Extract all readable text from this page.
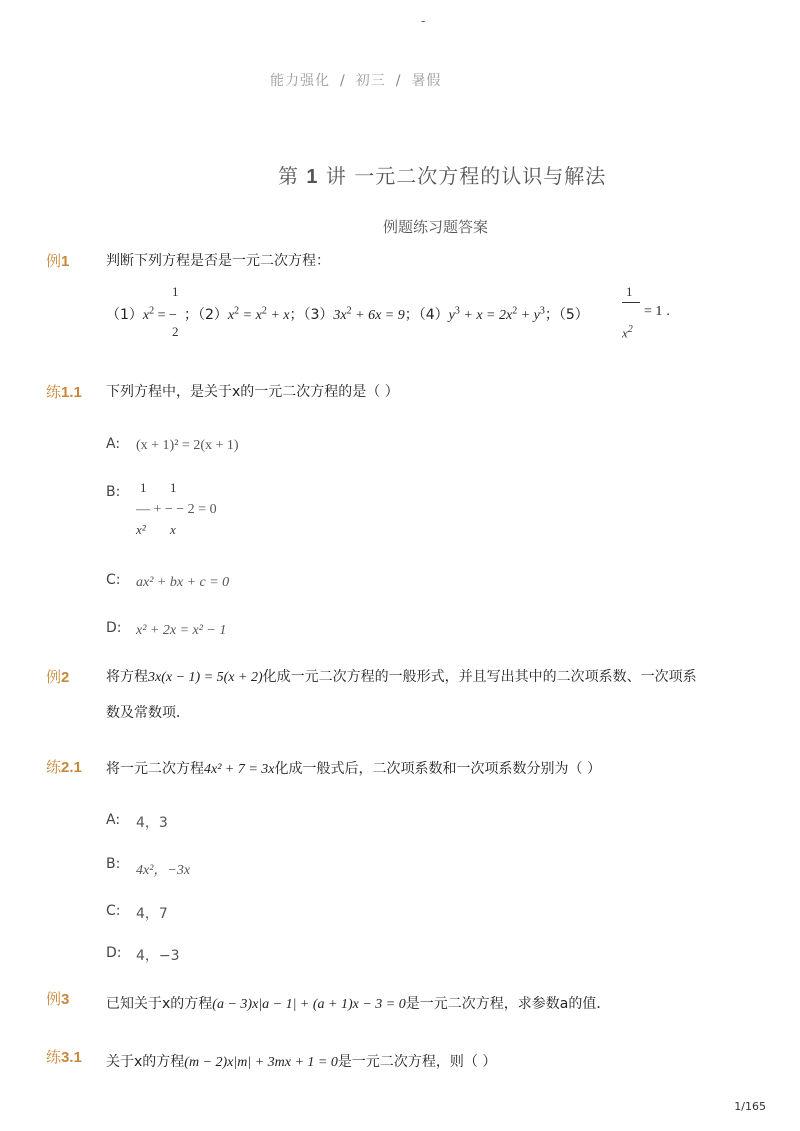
-
能力强化 / 初三 / 暑假
第 1 讲 一元二次方程的认识与解法
例题练习题答案
例1	判断下列方程是否是一元二次方程：
$(1)x^2$ = −
1
2
；$(2)x^2 = x^2 + x$；$(3)3x^2 + 6x = 9$；$(4)y^3 + x = 2x^2 + y^3$；（5）
1
$x^2$
= 1 .
练1.1 下列方程中，是关于x的一元二次方程的是（ ）
A: (x + 1)² = 2(x + 1)
B: 1 1
— + − − 2 = 0
x² x
C: ax² + bx + c = 0
D: x² + 2x = x² − 1
例2	将方程3x(x − 1) = 5(x + 2)化成一元二次方程的一般形式，并且写出其中的二次项系数、一次项系
数及常数项．
练2.1 将一元二次方程4x² + 7 = 3x化成一般式后，二次项系数和一次项系数分别为（ ）
A: 4，3
B: 4x²，−3x
C: 4，7
D: 4，−3
例3	已知关于x的方程(a − 3)x|a − 1| + (a + 1)x − 3 = 0是一元二次方程，求参数a的值．
练3.1 关于x的方程(m − 2)x|m| + 3mx + 1 = 0是一元二次方程，则（ ）
1/165
